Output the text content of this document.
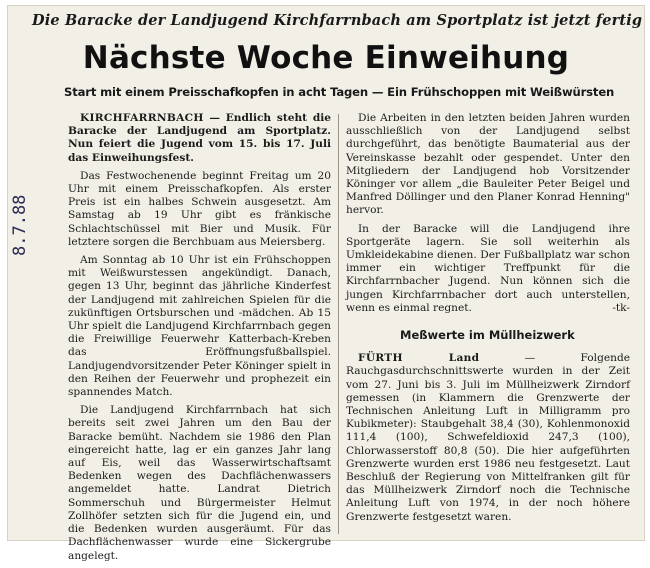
Die Baracke der Landjugend Kirchfarrnbach am Sportplatz ist jetzt fertig
Nächste Woche Einweihung
Start mit einem Preisschafkopfen in acht Tagen — Ein Frühschoppen mit Weißwürsten
8.7.88

KIRCHFARRNBACH — Endlich steht die Baracke der Landjugend am Sportplatz. Nun feiert die Jugend vom 15. bis 17. Juli das Einweihungsfest.

Das Festwochenende beginnt Freitag um 20 Uhr mit einem Preisschafkopfen. Als erster Preis ist ein halbes Schwein ausgesetzt. Am Samstag ab 19 Uhr gibt es fränkische Schlachtschüssel mit Bier und Musik. Für letztere sorgen die Berchbuam aus Meiersberg.

Am Sonntag ab 10 Uhr ist ein Frühschoppen mit Weißwurstessen angekündigt. Danach, gegen 13 Uhr, beginnt das jährliche Kinderfest der Landjugend mit zahlreichen Spielen für die zukünftigen Ortsburschen und -mädchen. Ab 15 Uhr spielt die Landjugend Kirchfarrnbach gegen die Freiwillige Feuerwehr Katterbach-Kreben das Eröffnungsfußballspiel. Landjugendvorsitzender Peter Köninger spielt in den Reihen der Feuerwehr und prophezeit ein spannendes Match.

Die Landjugend Kirchfarrnbach hat sich bereits seit zwei Jahren um den Bau der Baracke bemüht. Nachdem sie 1986 den Plan eingereicht hatte, lag er ein ganzes Jahr lang auf Eis, weil das Wasserwirtschaftsamt Bedenken wegen des Dachflächenwassers angemeldet hatte. Landrat Dietrich Sommerschuh und Bürgermeister Helmut Zollhöfer setzten sich für die Jugend ein, und die Bedenken wurden ausgeräumt. Für das Dachflächenwasser wurde eine Sickergrube angelegt.

Die Arbeiten in den letzten beiden Jahren wurden ausschließlich von der Landjugend selbst durchgeführt, das benötigte Baumaterial aus der Vereinskasse bezahlt oder gespendet. Unter den Mitgliedern der Landjugend hob Vorsitzender Köninger vor allem „die Bauleiter Peter Beigel und Manfred Döllinger und den Planer Konrad Henning" hervor.

In der Baracke will die Landjugend ihre Sportgeräte lagern. Sie soll weiterhin als Umkleidekabine dienen. Der Fußballplatz war schon immer ein wichtiger Treffpunkt für die Kirchfarrnbacher Jugend. Nun können sich die jungen Kirchfarrnbacher dort auch unterstellen, wenn es einmal regnet.	-tk-

Meßwerte im Müllheizwerk

FÜRTH Land — Folgende Rauchgasdurchschnittswerte wurden in der Zeit vom 27. Juni bis 3. Juli im Müllheizwerk Zirndorf gemessen (in Klammern die Grenzwerte der Technischen Anleitung Luft in Milligramm pro Kubikmeter): Staubgehalt 38,4 (30), Kohlenmonoxid 111,4 (100), Schwefeldioxid 247,3 (100), Chlorwasserstoff 80,8 (50). Die hier aufgeführten Grenzwerte wurden erst 1986 neu festgesetzt. Laut Beschluß der Regierung von Mittelfranken gilt für das Müllheizwerk Zirndorf noch die Technische Anleitung Luft von 1974, in der noch höhere Grenzwerte festgesetzt waren.
